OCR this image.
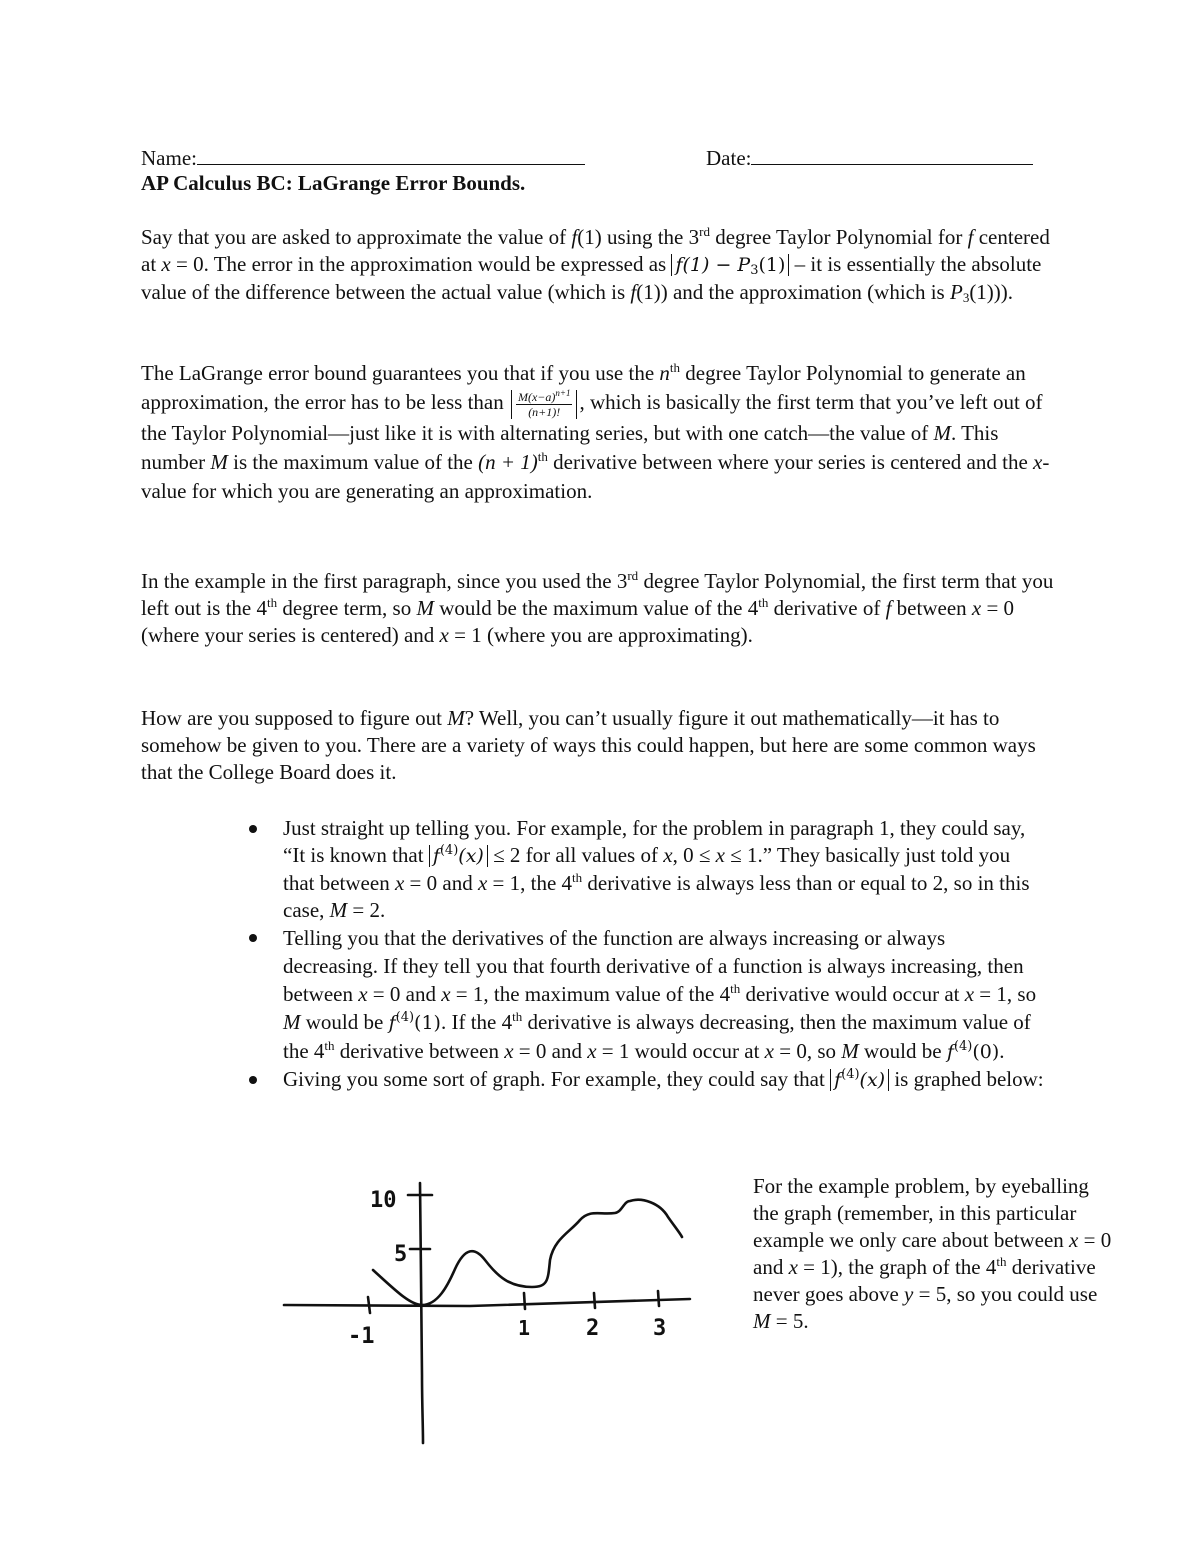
Name:	Date:
AP Calculus BC: LaGrange Error Bounds.

Say that you are asked to approximate the value of f(1) using the 3rd degree Taylor Polynomial for f centered at x = 0. The error in the approximation would be expressed as $f(1) - P_3(1)$ – it is essentially the absolute value of the difference between the actual value (which is f(1)) and the approximation (which is $P_3(1)$)).

The LaGrange error bound guarantees you that if you use the $n^{th}$ degree Taylor Polynomial to generate an approximation, the error has to be less than $\frac{M(x-a)^{n+1}}{(n+1)!}$ , which is basically the first term that you’ve left out of the Taylor Polynomial—just like it is with alternating series, but with one catch—the value of M. This number M is the maximum value of the $(n + 1)^{th}$ derivative between where your series is centered and the x-value for which you are generating an approximation.

In the example in the first paragraph, since you used the 3rd degree Taylor Polynomial, the first term that you left out is the 4th degree term, so M would be the maximum value of the 4th derivative of f between x = 0 (where your series is centered) and x = 1 (where you are approximating).

How are you supposed to figure out M? Well, you can’t usually figure it out mathematically—it has to somehow be given to you. There are a variety of ways this could happen, but here are some common ways that the College Board does it.

Just straight up telling you. For example, for the problem in paragraph 1, they could say, “It is known that $f^{(4)}(x) \le 2$ for all values of x, 0 ≤ x ≤ 1.” They basically just told you that between x = 0 and x = 1, the 4th derivative is always less than or equal to 2, so in this case, M = 2.
Telling you that the derivatives of the function are always increasing or always decreasing. If they tell you that fourth derivative of a function is always increasing, then between x = 0 and x = 1, the maximum value of the 4th derivative would occur at x = 1, so M would be $f^{(4)}(1)$. If the 4th derivative is always decreasing, then the maximum value of the 4th derivative between x = 0 and x = 1 would occur at x = 0, so M would be $f^{(4)}(0)$.
Giving you some sort of graph. For example, they could say that $f^{(4)}(x)$ is graphed below:
10
5
-1	1	2 3

For the example problem, by eyeballing the graph (remember, in this particular example we only care about between x = 0 and x = 1), the graph of the 4th derivative never goes above y = 5, so you could use M = 5.
